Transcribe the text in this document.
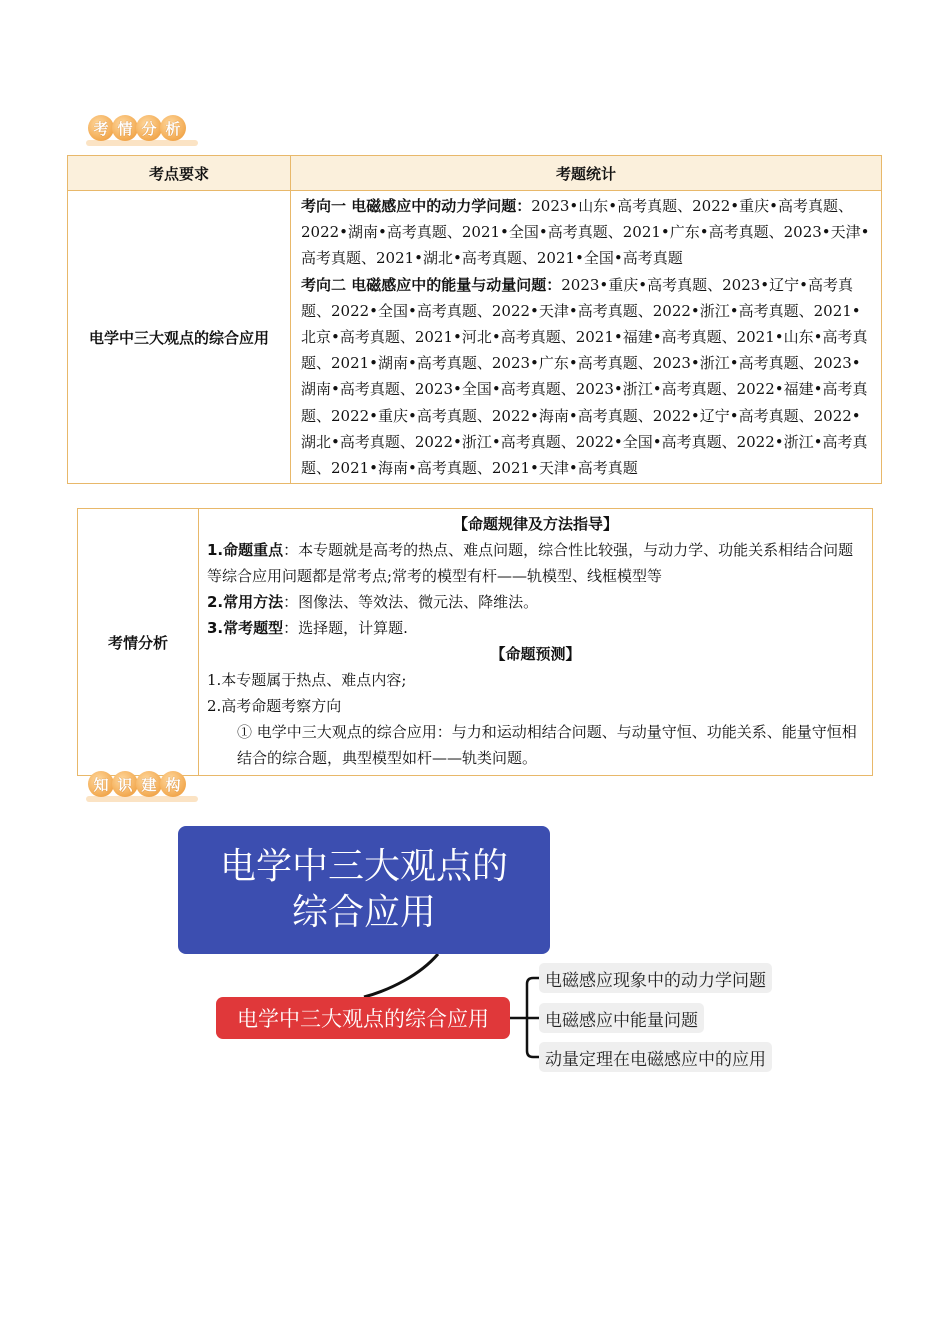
考 情 分 析
考点要求	考题统计
电学中三大观点的综合应用	考向一 电磁感应中的动力学问题：2023•山东•高考真题、2022•重庆•高考真题、2022•湖南•高考真题、2021•全国•高考真题、2021•广东•高考真题、2023•天津•高考真题、2021•湖北•高考真题、2021•全国•高考真题
考向二 电磁感应中的能量与动量问题：2023•重庆•高考真题、2023•辽宁•高考真题、2022•全国•高考真题、2022•天津•高考真题、2022•浙江•高考真题、2021•北京•高考真题、2021•河北•高考真题、2021•福建•高考真题、2021•山东•高考真题、2021•湖南•高考真题、2023•广东•高考真题、2023•浙江•高考真题、2023•湖南•高考真题、2023•全国•高考真题、2023•浙江•高考真题、2022•福建•高考真题、2022•重庆•高考真题、2022•海南•高考真题、2022•辽宁•高考真题、2022•湖北•高考真题、2022•浙江•高考真题、2022•全国•高考真题、2022•浙江•高考真题、2021•海南•高考真题、2021•天津•高考真题
考情分析	
【命题规律及方法指导】
1.命题重点：本专题就是高考的热点、难点问题，综合性比较强，与动力学、功能关系相结合问题等综合应用问题都是常考点;常考的模型有杆——轨模型、线框模型等
2.常用方法：图像法、等效法、微元法、降维法。
3.常考题型：选择题，计算题.
【命题预测】
1.本专题属于热点、难点内容;
2.高考命题考察方向
① 电学中三大观点的综合应用：与力和运动相结合问题、与动量守恒、功能关系、能量守恒相结合的综合题，典型模型如杆——轨类问题。
知 识 建 构
电学中三大观点的
综合应用
电学中三大观点的综合应用
电磁感应现象中的动力学问题
电磁感应中能量问题
动量定理在电磁感应中的应用
